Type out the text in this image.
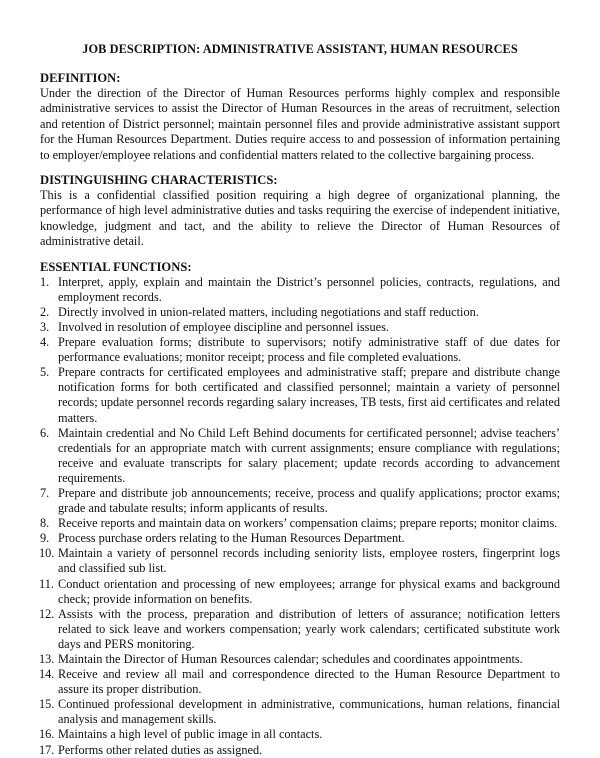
JOB DESCRIPTION: ADMINISTRATIVE ASSISTANT, HUMAN RESOURCES
DEFINITION:
Under the direction of the Director of Human Resources performs highly complex and responsible administrative services to assist the Director of Human Resources in the areas of recruitment, selection and retention of District personnel; maintain personnel files and provide administrative assistant support for the Human Resources Department. Duties require access to and possession of information pertaining to employer/employee relations and confidential matters related to the collective bargaining process.
DISTINGUISHING CHARACTERISTICS:
This is a confidential classified position requiring a high degree of organizational planning, the performance of high level administrative duties and tasks requiring the exercise of independent initiative, knowledge, judgment and tact, and the ability to relieve the Director of Human Resources of administrative detail.
ESSENTIAL FUNCTIONS:
1. Interpret, apply, explain and maintain the District’s personnel policies, contracts, regulations, and employment records.
2. Directly involved in union-related matters, including negotiations and staff reduction.
3. Involved in resolution of employee discipline and personnel issues.
4. Prepare evaluation forms; distribute to supervisors; notify administrative staff of due dates for performance evaluations; monitor receipt; process and file completed evaluations.
5. Prepare contracts for certificated employees and administrative staff; prepare and distribute change notification forms for both certificated and classified personnel; maintain a variety of personnel records; update personnel records regarding salary increases, TB tests, first aid certificates and related matters.
6. Maintain credential and No Child Left Behind documents for certificated personnel; advise teachers’ credentials for an appropriate match with current assignments; ensure compliance with regulations; receive and evaluate transcripts for salary placement; update records according to advancement requirements.
7. Prepare and distribute job announcements; receive, process and qualify applications; proctor exams; grade and tabulate results; inform applicants of results.
8. Receive reports and maintain data on workers’ compensation claims; prepare reports; monitor claims.
9. Process purchase orders relating to the Human Resources Department.
10. Maintain a variety of personnel records including seniority lists, employee rosters, fingerprint logs and classified sub list.
11. Conduct orientation and processing of new employees; arrange for physical exams and background check; provide information on benefits.
12. Assists with the process, preparation and distribution of letters of assurance; notification letters related to sick leave and workers compensation; yearly work calendars; certificated substitute work days and PERS monitoring.
13. Maintain the Director of Human Resources calendar; schedules and coordinates appointments.
14. Receive and review all mail and correspondence directed to the Human Resource Department to assure its proper distribution.
15. Continued professional development in administrative, communications, human relations, financial analysis and management skills.
16. Maintains a high level of public image in all contacts.
17. Performs other related duties as assigned.
